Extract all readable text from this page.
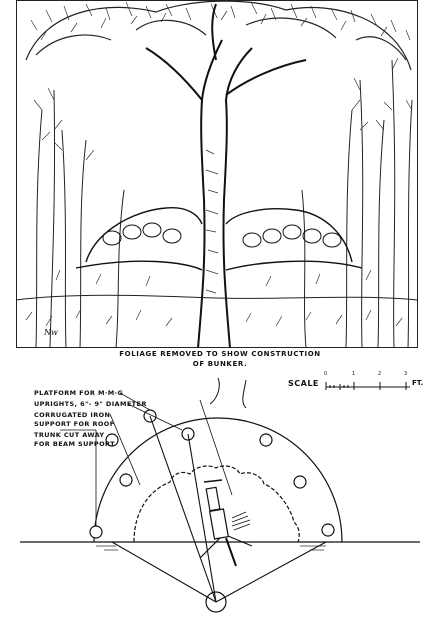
Nw
FOLIAGE REMOVED TO SHOW CONSTRUCTION
OF BUNKER.
PLATFORM FOR M·M·G
UPRIGHTS, 6"- 9" DIAMETER
CORRUGATED IRON
SUPPORT FOR ROOF
TRUNK CUT AWAY
FOR BEAM SUPPORT
SCALE
0	1	2	3
FT.
